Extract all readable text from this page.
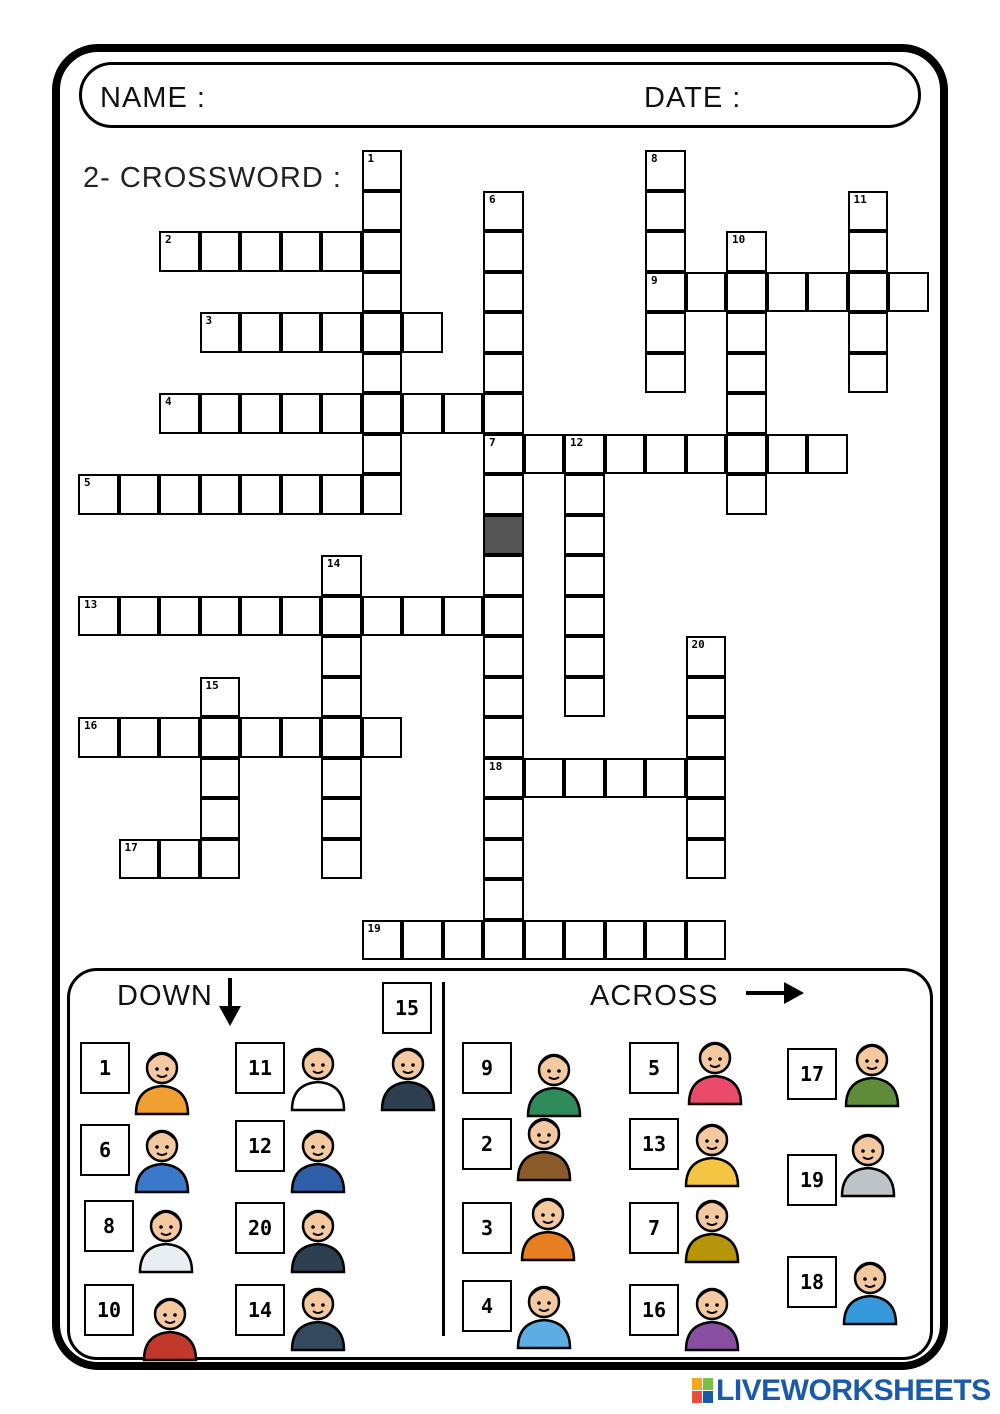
NAME :	DATE :
2- CROSSWORD :
1
6
7
18
8
9
10
11
12
14
15
20
2
3
4
5
13
16
17
19
DOWN	ACROSS
1
6
8
10
11
12
20
14
15
9
2
3
4
5
13
7
16
17
19
18
LIVEWORKSHEETS
